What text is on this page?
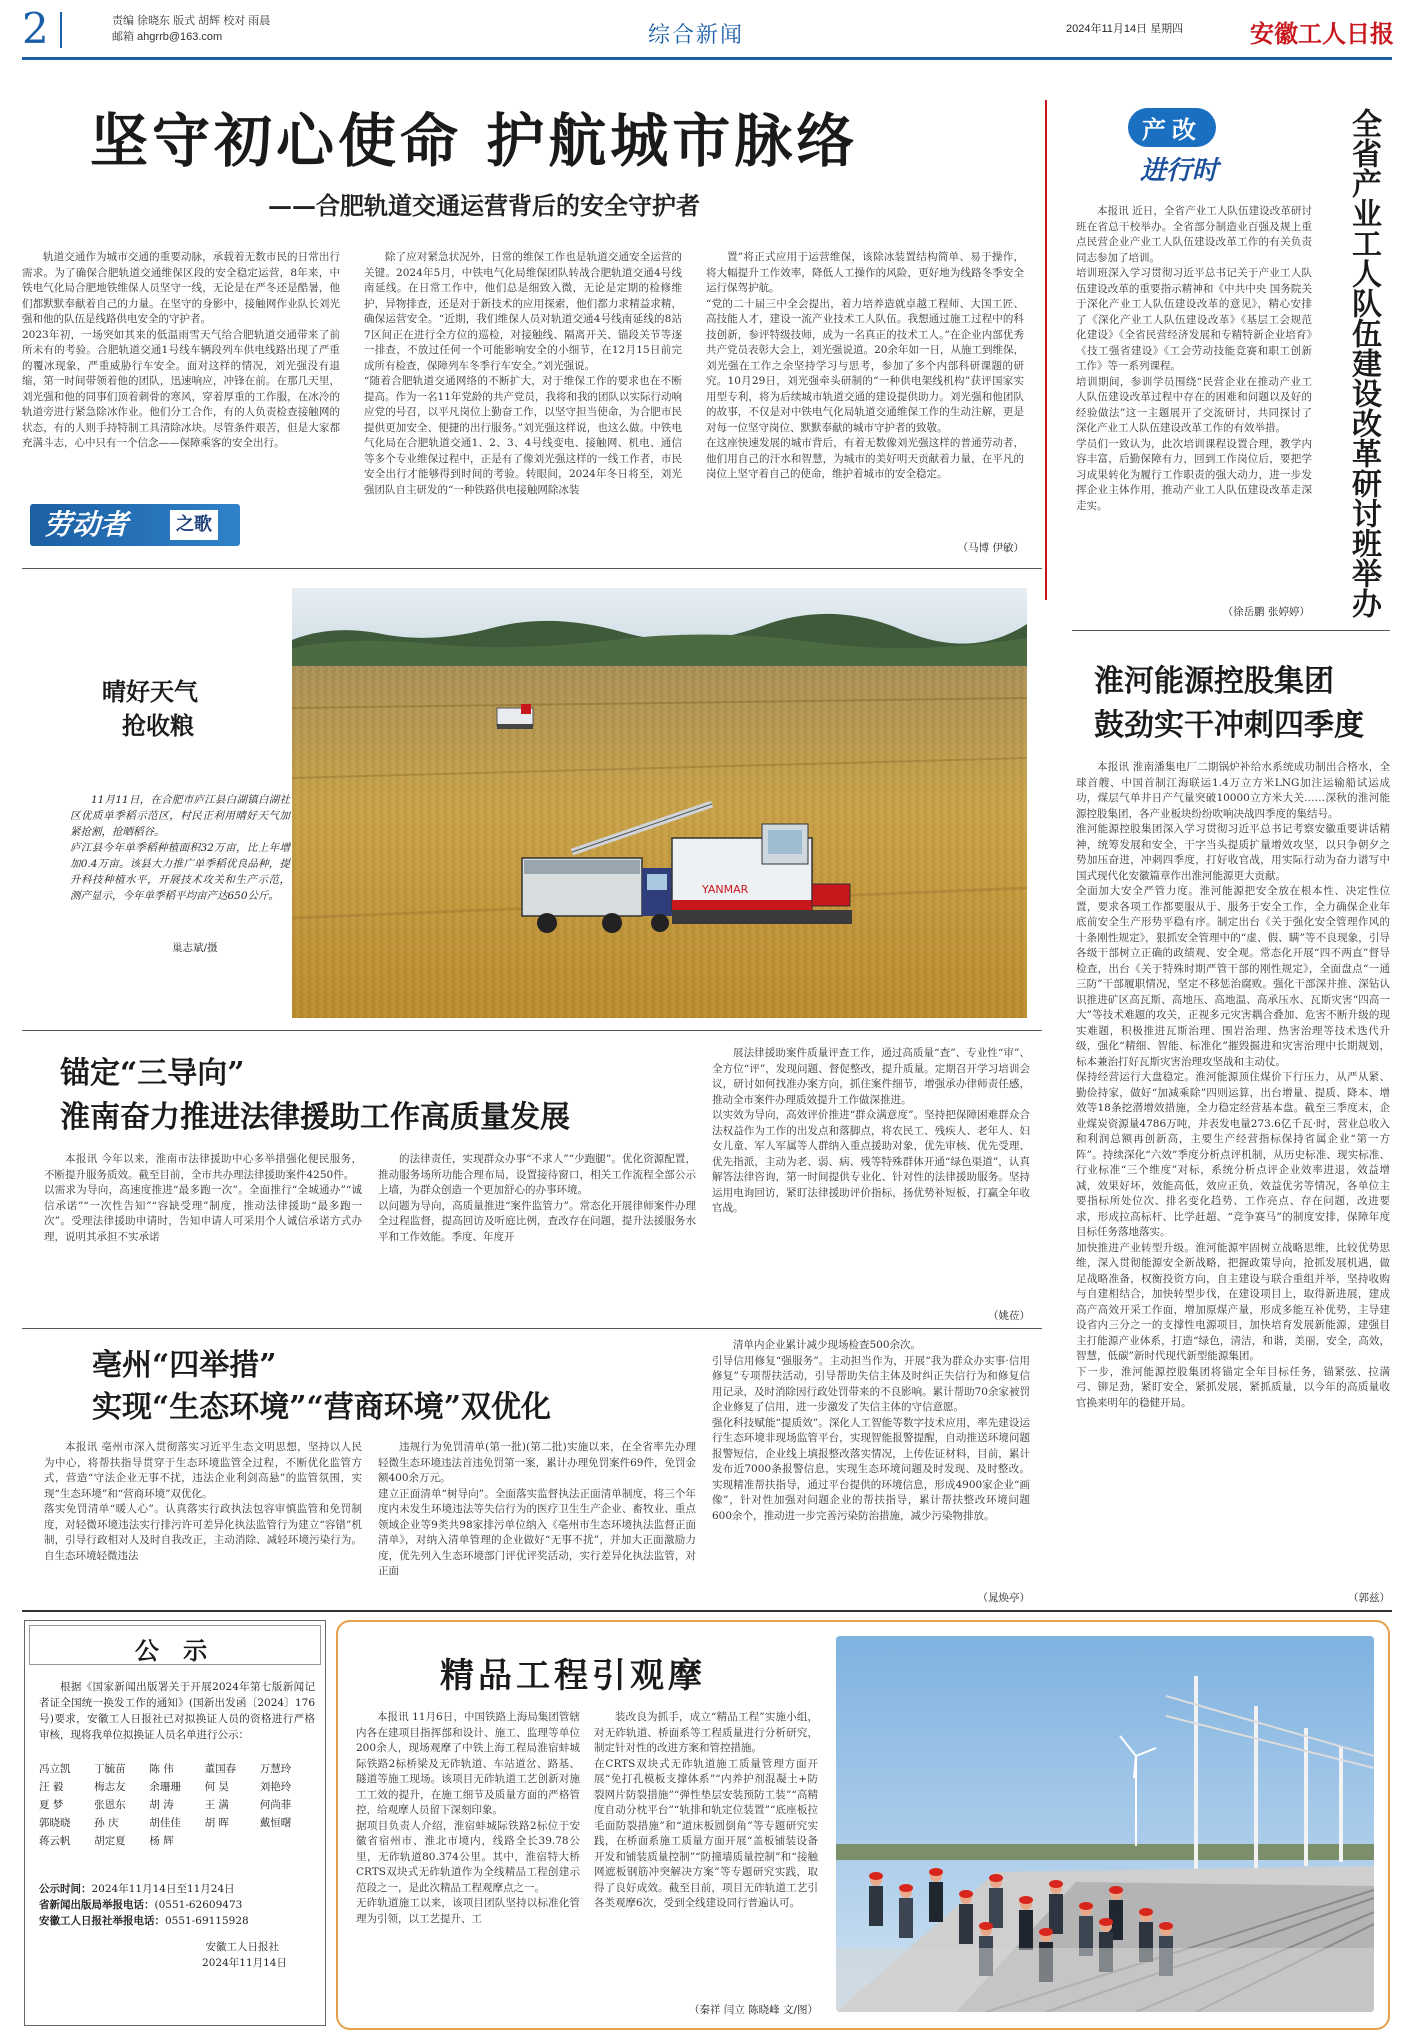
2	责编 徐晓东 版式 胡辉 校对 雨晨
邮箱 ahgrrb@163.com	综合新闻	2024年11月14日 星期四	安徽工人日报
坚守初心使命 护航城市脉络
——合肥轨道交通运营背后的安全守护者
轨道交通作为城市交通的重要动脉，承载着无数市民的日常出行需求。为了确保合肥轨道交通维保区段的安全稳定运营，8年来，中铁电气化局合肥地铁维保人员坚守一线，无论是在严冬还是酷暑，他们都默默奉献着自己的力量。在坚守的身影中，接触网作业队长刘光强和他的队伍是线路供电安全的守护者。
2023年初，一场突如其来的低温雨雪天气给合肥轨道交通带来了前所未有的考验。合肥轨道交通1号线车辆段列车供电线路出现了严重的覆冰现象，严重威胁行车安全。面对这样的情况，刘光强没有退缩，第一时间带领着他的团队，迅速响应，冲锋在前。在那几天里，刘光强和他的同事们顶着刺骨的寒风，穿着厚重的工作服，在冰冷的轨道旁进行紧急除冰作业。他们分工合作，有的人负责检查接触网的状态，有的人则手持特制工具清除冰块。尽管条件艰苦，但是大家都充满斗志，心中只有一个信念——保障乘客的安全出行。
劳动者	之歌
除了应对紧急状况外，日常的维保工作也是轨道交通安全运营的关键。2024年5月，中铁电气化局维保团队转战合肥轨道交通4号线南延线。在日常工作中，他们总是细致入微，无论是定期的检修维护，异物排查，还是对于新技术的应用探索，他们都力求精益求精，确保运营安全。“近期，我们维保人员对轨道交通4号线南延线的8站7区间正在进行全方位的巡检，对接触线、隔离开关、锚段关节等逐一排查，不放过任何一个可能影响安全的小细节，在12月15日前完成所有检查，保障列车冬季行车安全。”刘光强说。
“随着合肥轨道交通网络的不断扩大，对于维保工作的要求也在不断提高。作为一名11年党龄的共产党员，我将和我的团队以实际行动响应党的号召，以平凡岗位上勤奋工作，以坚守担当使命，为合肥市民提供更加安全、便捷的出行服务。”刘光强这样说，也这么做。中铁电气化局在合肥轨道交通1、2、3、4号线变电、接触网、机电、通信等多个专业维保过程中，正是有了像刘光强这样的一线工作者，市民安全出行才能够得到时间的考验。转眼间，2024年冬日将至，刘光强团队自主研发的“一种铁路供电接触网除冰装
置”将正式应用于运营维保，该除冰装置结构简单、易于操作，将大幅提升工作效率，降低人工操作的风险，更好地为线路冬季安全运行保驾护航。
“党的二十届三中全会提出，着力培养造就卓越工程师、大国工匠、高技能人才，建设一流产业技术工人队伍。我想通过施工过程中的科技创新，参评特级技师，成为一名真正的技术工人。”在企业内部优秀共产党员表彰大会上，刘光强说道。20余年如一日，从施工到维保，刘光强在工作之余坚持学习与思考，参加了多个内部科研课题的研究。10月29日，刘光强牵头研制的“一种供电架线机构”获评国家实用型专利，将为后续城市轨道交通的建设提供助力。刘光强和他团队的故事，不仅是对中铁电气化局轨道交通维保工作的生动注解，更是对每一位坚守岗位、默默奉献的城市守护者的致敬。
在这座快速发展的城市背后，有着无数像刘光强这样的普通劳动者，他们用自己的汗水和智慧，为城市的美好明天贡献着力量，在平凡的岗位上坚守着自己的使命，维护着城市的安全稳定。
（马博 伊敏）
晴好天气
抢收粮
11月11日，在合肥市庐江县白湖镇白湖社区优质单季稻示范区，村民正利用晴好天气加紧抢割，抢晒稻谷。
庐江县今年单季稻种植面积32万亩，比上年增加0.4万亩。该县大力推广单季稻优良品种，提升科技种植水平，开展技术攻关和生产示范，测产显示，今年单季稻平均亩产达650公斤。
巢志斌/摄
YANMAR
锚定“三导向”
淮南奋力推进法律援助工作高质量发展
本报讯 今年以来，淮南市法律援助中心多举措强化便民服务，不断提升服务质效。截至目前，全市共办理法律援助案件4250件。
以需求为导向，高速度推进“最多跑一次”。全面推行“全城通办”“诚信承诺”“一次性告知”“容缺受理”制度，推动法律援助“最多跑一次”。受理法律援助申请时，告知申请人可采用个人诚信承诺方式办理，说明其承担不实承诺
的法律责任，实现群众办事“不求人”“少跑腿”。优化资源配置，推动服务场所功能合理布局，设置接待窗口，相关工作流程全部公示上墙，为群众创造一个更加舒心的办事环境。
以问题为导向，高质量推进“案件监管力”。常态化开展律师案件办理全过程监督，提高回访及听庭比例，查改存在问题，提升法援服务水平和工作效能。季度、年度开
展法律援助案件质量评查工作，通过高质量“查”、专业性“审”、全方位“评”，发现问题、督促整改，提升质量。定期召开学习培训会议，研讨如何找准办案方向，抓住案件细节，增强承办律师责任感，推动全市案件办理质效提升工作做深推进。
以实效为导向，高效评价推进“群众满意度”。坚持把保障困难群众合法权益作为工作的出发点和落脚点，将农民工、残疾人、老年人、妇女儿童、军人军属等人群纳入重点援助对象，优先审核、优先受理、优先指派，主动为老、弱、病、残等特殊群体开通“绿色渠道”，认真解答法律咨询，第一时间提供专业化、针对性的法律援助服务。坚持运用电询回访，紧盯法律援助评价指标，扬优势补短板，打赢全年收官战。
（姚莅）
亳州“四举措”
实现“生态环境”“营商环境”双优化
本报讯 亳州市深入贯彻落实习近平生态文明思想，坚持以人民为中心，将帮扶指导贯穿于生态环境监管全过程，不断优化监管方式，营造“守法企业无事不扰，违法企业利剑高悬”的监管氛围，实现“生态环境”和“营商环境”双优化。
落实免罚清单“暖人心”。认真落实行政执法包容审慎监管和免罚制度，对轻微环境违法实行排污许可差异化执法监管行为建立“容错”机制，引导行政相对人及时自我改正，主动消除、减轻环境污染行为。自生态环境轻微违法
违规行为免罚清单(第一批)(第二批)实施以来，在全省率先办理轻微生态环境违法首违免罚第一案，累计办理免罚案件69件，免罚金额400余万元。
建立正面清单“树导向”。全面落实监督执法正面清单制度，将三个年度内未发生环境违法等失信行为的医疗卫生生产企业、畜牧业、重点领域企业等9类共98家排污单位纳入《亳州市生态环境执法监督正面清单》，对纳入清单管理的企业做好“无事不扰”，并加大正面激励力度，优先列入生态环境部门评优评奖活动，实行差异化执法监管，对正面
清单内企业累计减少现场检查500余次。
引导信用修复“强服务”。主动担当作为，开展“我为群众办实事·信用修复”专项帮扶活动，引导帮助失信主体及时纠正失信行为和修复信用记录，及时消除因行政处罚带来的不良影响。累计帮助70余家被罚企业修复了信用，进一步激发了失信主体的守信意愿。
强化科技赋能“提质效”。深化人工智能等数字技术应用，率先建设运行生态环境非现场监管平台，实现智能报警提醒，自动推送环境问题报警短信，企业线上填报整改落实情况，上传佐证材料，目前，累计发布近7000条报警信息，实现生态环境问题及时发现、及时整改。实现精准帮扶指导，通过平台提供的环境信息，形成4900家企业“画像”，针对性加强对问题企业的帮扶指导，累计帮扶整改环境问题600余个，推动进一步完善污染防治措施，减少污染物排放。
（晁焕亭）
产改
进行时
本报讯 近日，全省产业工人队伍建设改革研讨班在省总干校举办。全省部分制造业百强及规上重点民营企业产业工人队伍建设改革工作的有关负责同志参加了培训。
培训班深入学习贯彻习近平总书记关于产业工人队伍建设改革的重要指示精神和《中共中央 国务院关于深化产业工人队伍建设改革的意见》，精心安排了《深化产业工人队伍建设改革》《基层工会规范化建设》《全省民营经济发展和专精特新企业培育》《技工强省建设》《工会劳动技能竞赛和职工创新工作》等一系列课程。
培训期间，参训学员围绕“民营企业在推动产业工人队伍建设改革过程中存在的困难和问题以及好的经验做法”这一主题展开了交流研讨，共同探讨了深化产业工人队伍建设改革工作的有效举措。
学员们一致认为，此次培训课程设置合理，教学内容丰富，后勤保障有力，回到工作岗位后，要把学习成果转化为履行工作职责的强大动力，进一步发挥企业主体作用，推动产业工人队伍建设改革走深走实。
（徐岳鹏 张婷婷）	全省产业工人队伍建设改革研讨班举办
淮河能源控股集团
鼓劲实干冲刺四季度
本报讯 淮南潘集电厂二期锅炉补给水系统成功制出合格水，全球首艘、中国首制江海联运1.4万立方米LNG加注运输船试运成功，煤层气单井日产气量突破10000立方米大关……深秋的淮河能源控股集团，各产业板块纷纷吹响决战四季度的集结号。
淮河能源控股集团深入学习贯彻习近平总书记考察安徽重要讲话精神，统筹发展和安全，干字当头提质扩量增效攻坚，以只争朝夕之势加压奋进，冲刺四季度，打好收官战，用实际行动为奋力谱写中国式现代化安徽篇章作出淮河能源更大贡献。
全面加大安全严管力度。淮河能源把安全放在根本性、决定性位置，要求各项工作都要服从于、服务于安全工作，全力确保企业年底前安全生产形势平稳有序。制定出台《关于强化安全管理作风的十条刚性规定》，狠抓安全管理中的“虚、假、瞒”等不良现象，引导各级干部树立正确的政绩观、安全观。常态化开展“四不两直”督导检查，出台《关于特殊时期严管干部的刚性规定》，全面盘点“一通三防”干部履职情况，坚定不移惩治腐败。强化干部深井推、深钻认识推进矿区高瓦斯、高地压、高地温、高承压水、瓦斯灾害“四高一大”等技术难题的攻关，正视多元灾害耦合叠加、危害不断升级的现实难题，积极推进瓦斯治理、围岩治理、热害治理等技术迭代升级，强化“精细、智能、标准化”摧毁掘进和灾害治理中长期规划，标本兼治打好瓦斯灾害治理攻坚战和主动仗。
保持经营运行大盘稳定。淮河能源顶住煤价下行压力，从严从紧、勤俭持家，做好“加减乘除”四则运算，出台增量、提质、降本、增效等18条挖潜增效措施，全力稳定经营基本盘。截至三季度末，企业煤炭资源量4786万吨，并表发电量273.6亿千瓦·时，营业总收入和利润总额再创新高，主要生产经营指标保持省属企业“第一方阵”。持续深化“六效”季度分析点评机制，从历史标准、现实标准、行业标准“三个维度”对标，系统分析点评企业效率进退，效益增减，效果好坏，效能高低，效应正负，效益优劣等情况，各单位主要指标所处位次、排名变化趋势、工作亮点、存在问题，改进要求，形成拉高标杆、比学赶超、“竞争赛马”的制度安排，保障年度目标任务落地落实。
加快推进产业转型升级。淮河能源牢固树立战略思维，比较优势思维，深入贯彻能源安全新战略，把握政策导向，抢抓发展机遇，做足战略准备，权衡投资方向，自主建设与联合重组并举，坚持收购与自建相结合，加快转型步伐，在建设项目上，取得新进展，建成高产高效开采工作面，增加原煤产量，形成多能互补优势，主导建设省内三分之一的支撑性电源项目，加快培育发展新能源，建强目主打能源产业体系，打造“绿色，清洁，和谐，美丽，安全，高效，智慧，低碳”新时代现代新型能源集团。
下一步，淮河能源控股集团将锚定全年目标任务，锚紧弦、拉满弓、铆足劲，紧盯安全，紧抓发展，紧抓质量，以今年的高质量收官换来明年的稳健开局。
（郭兹）
公 示
根据《国家新闻出版署关于开展2024年第七版新闻记者证全国统一换发工作的通知》(国新出发函〔2024〕176号)要求，安徽工人日报社已对拟换证人员的资格进行严格审核，现将我单位拟换证人员名单进行公示：
冯立凯	丁毓苗	陈 伟	董国春	万慧玲
汪 毅	梅志友	余珊珊	何 昊	刘艳玲
夏 梦	张恩东	胡 涛	王 满	何尚菲
郭晓晓	孙 庆	胡佳佳	胡 晖	戴恒曙
蒋云帆	胡定夏	杨 辉
公示时间：2024年11月14日至11月24日
省新闻出版局举报电话：(0551-62609473
安徽工人日报社举报电话：0551-69115928
安徽工人日报社
2024年11月14日
精品工程引观摩
本报讯 11月6日，中国铁路上海局集团管辖内各在建项目指挥部和设计、施工、监理等单位200余人，现场观摩了中铁上海工程局淮宿蚌城际铁路2标桥梁及无砟轨道、车站道岔、路基、隧道等施工现场。该项目无砟轨道工艺创新对施工工效的提升，在施工细节及质量方面的严格管控，给观摩人员留下深刻印象。
据项目负责人介绍，淮宿蚌城际铁路2标位于安徽省宿州市、淮北市境内，线路全长39.78公里，无砟轨道80.374公里。其中，淮宿特大桥CRTS双块式无砟轨道作为全线精品工程创建示范段之一，是此次精品工程观摩点之一。
无砟轨道施工以来，该项目团队坚持以标准化管理为引领，以工艺提升、工
装改良为抓手，成立“精品工程”实施小组，对无砟轨道、桥面系等工程质量进行分析研究，制定针对性的改进方案和管控措施。
在CRTS双块式无砟轨道施工质量管理方面开展“免打孔模板支撑体系”“内养护剂混凝土+防裂网片防裂措施”“弹性垫层安装预防工装”“高精度自动分枕平台”“轨排和轨定位装置”“底座板拉毛面防裂措施”和“道床板圆倒角”等专题研究实践，在桥面系施工质量方面开展“盖板铺装设备开发和铺装质量控制”“防撞墙质量控制”和“接触网遮板钢筋冲突解决方案”等专题研究实践，取得了良好成效。截至目前，项目无砟轨道工艺引各类观摩6次，受到全线建设同行普遍认可。
（秦祥 闫立 陈晓峰 文/图）
